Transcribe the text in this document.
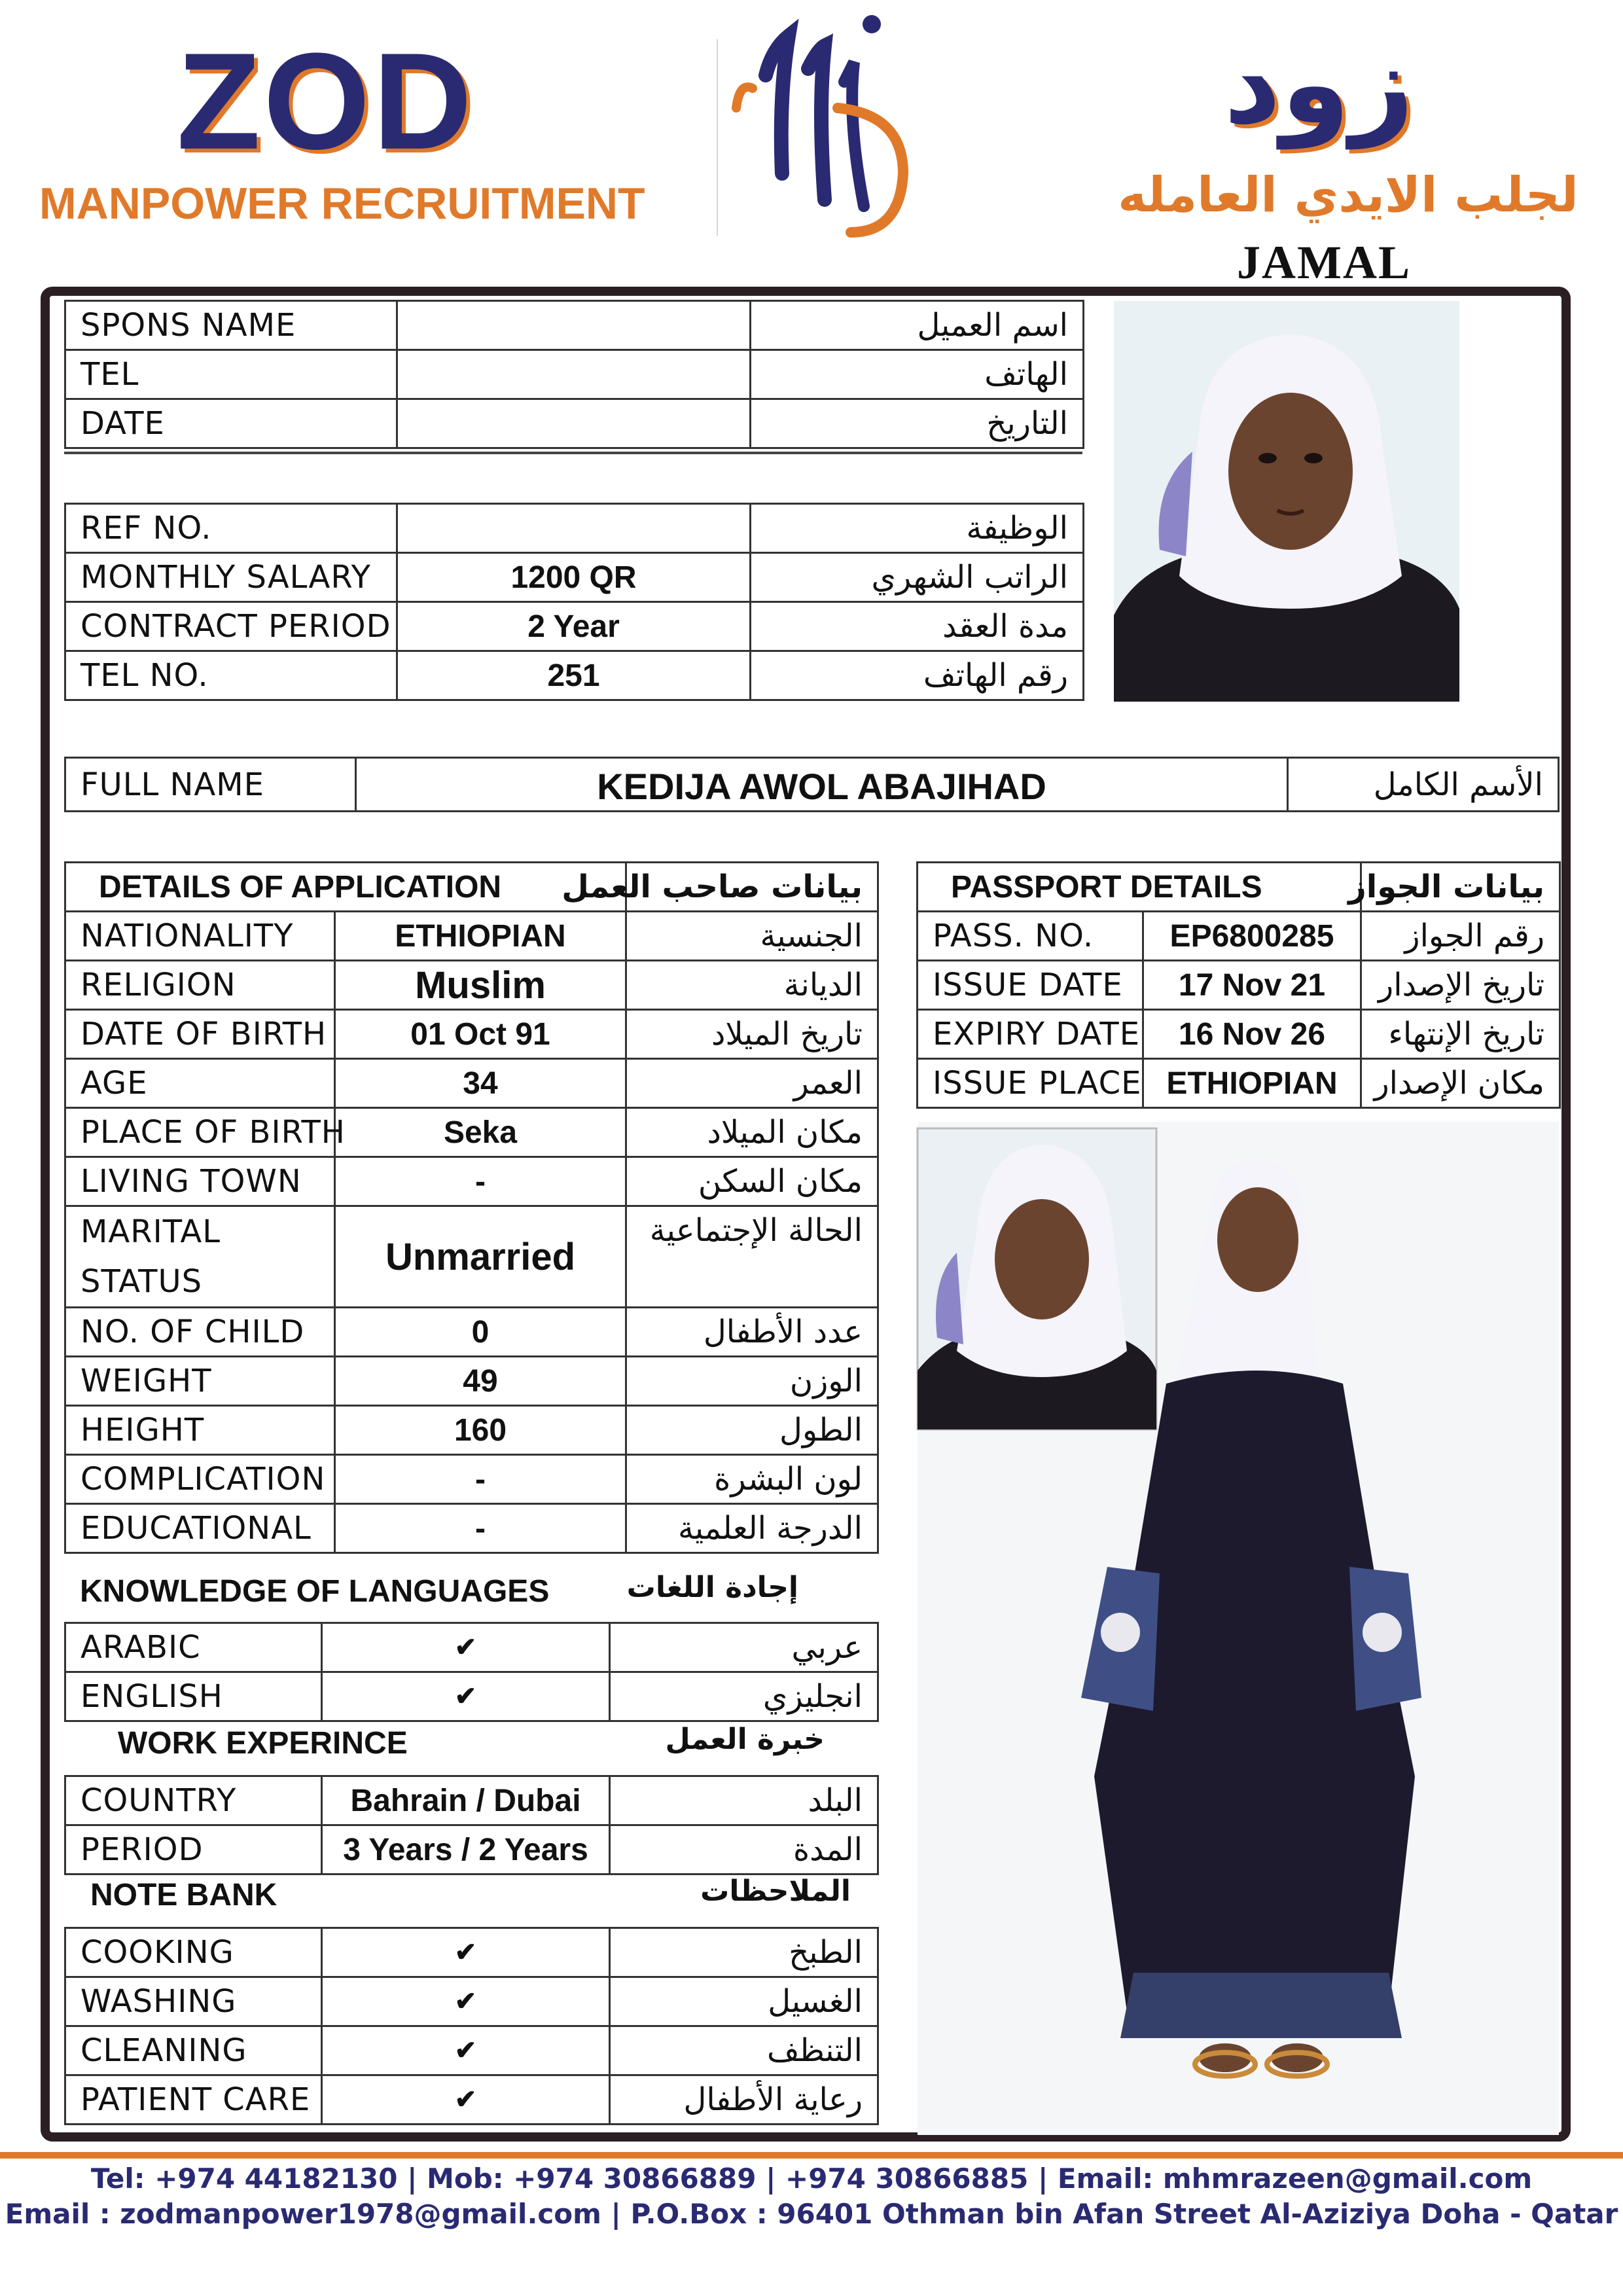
ZOD
MANPOWER RECRUITMENT
زود
لجلب الايدي العامله
JAMAL
SPONS NAME		اسم العميل
TEL		الهاتف
DATE		التاريخ
REF NO.		الوظيفة
MONTHLY SALARY	1200 QR	الراتب الشهري
CONTRACT PERIOD	2 Year	مدة العقد
TEL NO.	251	رقم الهاتف
FULL NAME	KEDIJA AWOL ABAJIHAD	الأسم الكامل
DETAILS OF APPLICATION		بيانات صاحب العمل
NATIONALITY	ETHIOPIAN	الجنسية
RELIGION	Muslim	الديانة
DATE OF BIRTH	01 Oct 91	تاريخ الميلاد
AGE	34	العمر
PLACE OF BIRTH	Seka	مكان الميلاد
LIVING TOWN	-	مكان السكن
MARITAL
STATUS	Unmarried	الحالة الإجتماعية
NO. OF CHILD	0	عدد الأطفال
WEIGHT	49	الوزن
HEIGHT	160	الطول
COMPLICATION	-	لون البشرة
EDUCATIONAL	-	الدرجة العلمية
KNOWLEDGE OF LANGUAGES	إجادة اللغات
ARABIC	✔	عربي
ENGLISH	✔	انجليزي
WORK EXPERINCE	خبرة العمل
COUNTRY	Bahrain / Dubai	البلد
PERIOD	3 Years / 2 Years	المدة
NOTE BANK	الملاحظات
COOKING	✔	الطبخ
WASHING	✔	الغسيل
CLEANING	✔	التنظف
PATIENT CARE	✔	رعاية الأطفال
PASSPORT DETAILS		بيانات الجواز
PASS. NO.	EP6800285	رقم الجواز
ISSUE DATE	17 Nov 21	تاريخ الإصدار
EXPIRY DATE	16 Nov 26	تاريخ الإنتهاء
ISSUE PLACE	ETHIOPIAN	مكان الإصدار
Tel: +974 44182130 | Mob: +974 30866889 | +974 30866885 | Email: mhmrazeen@gmail.com
Email : zodmanpower1978@gmail.com | P.O.Box : 96401 Othman bin Afan Street Al-Aziziya Doha - Qatar
